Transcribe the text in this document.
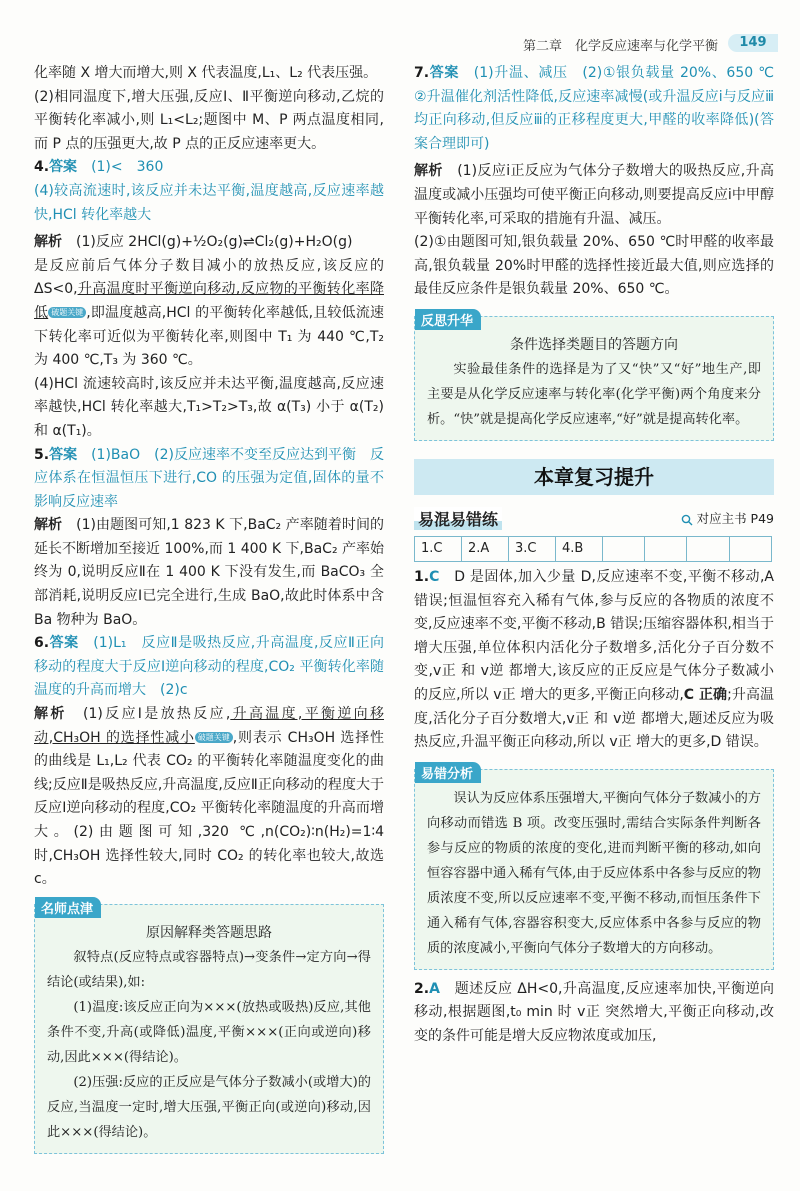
第二章　化学反应速率与化学平衡	149

化率随 X 增大而增大,则 X 代表温度,L₁、L₂ 代表压强。

(2)相同温度下,增大压强,反应Ⅰ、Ⅱ平衡逆向移动,乙烷的平衡转化率减小,则 L₁<L₂;题图中 M、P 两点温度相同,而 P 点的压强更大,故 P 点的正反应速率更大。

4.答案　 (1)<　360

(4)较高流速时,该反应并未达平衡,温度越高,反应速率越快,HCl 转化率越大

解析　 (1)反应 2HCl(g)+½O₂(g)⇌Cl₂(g)+H₂O(g)

是反应前后气体分子数目减小的放热反应,该反应的 ΔS<0,升高温度时平衡逆向移动,反应物的平衡转化率降低 破题关键 ,即温度越高,HCl 的平衡转化率越低,且较低流速下转化率可近似为平衡转化率,则图中 T₁ 为 440 ℃,T₂ 为 400 ℃,T₃ 为 360 ℃。

(4)HCl 流速较高时,该反应并未达平衡,温度越高,反应速率越快,HCl 转化率越大,T₁>T₂>T₃,故 α(T₃) 小于 α(T₂) 和 α(T₁)。

5.答案　 (1)BaO　(2)反应速率不变至反应达到平衡　反应体系在恒温恒压下进行,CO 的压强为定值,固体的量不影响反应速率

解析　 (1)由题图可知,1 823 K 下,BaC₂ 产率随着时间的延长不断增加至接近 100%,而 1 400 K 下,BaC₂ 产率始终为 0,说明反应Ⅱ在 1 400 K 下没有发生,而 BaCO₃ 全部消耗,说明反应Ⅰ已完全进行,生成 BaO,故此时体系中含 Ba 物种为 BaO。

6.答案　 (1)L₁　反应Ⅱ是吸热反应,升高温度,反应Ⅱ正向移动的程度大于反应Ⅰ逆向移动的程度,CO₂ 平衡转化率随温度的升高而增大　(2)c

解析　 (1)反应Ⅰ是放热反应,升高温度,平衡逆向移动,CH₃OH 的选择性减小 破题关键 ,则表示 CH₃OH 选择性的曲线是 L₁,L₂ 代表 CO₂ 的平衡转化率随温度变化的曲线;反应Ⅱ是吸热反应,升高温度,反应Ⅱ正向移动的程度大于反应Ⅰ逆向移动的程度,CO₂ 平衡转化率随温度的升高而增大。(2)由题图可知,320 ℃,n(CO₂)∶n(H₂)=1∶4 时,CH₃OH 选择性较大,同时 CO₂ 的转化率也较大,故选 c。

名师点津
原因解释类答题思路

叙特点(反应特点或容器特点)→变条件→定方向→得结论(或结果),如:

(1)温度:该反应正向为×××(放热或吸热)反应,其他条件不变,升高(或降低)温度,平衡×××(正向或逆向)移动,因此×××(得结论)。

(2)压强:反应的正反应是气体分子数减小(或增大)的反应,当温度一定时,增大压强,平衡正向(或逆向)移动,因此×××(得结论)。

7.答案　 (1)升温、减压　(2)①银负载量 20%、650 ℃　②升温催化剂活性降低,反应速率减慢(或升温反应ⅰ与反应ⅲ均正向移动,但反应ⅲ的正移程度更大,甲醛的收率降低)(答案合理即可)

解析　 (1)反应ⅰ正反应为气体分子数增大的吸热反应,升高温度或减小压强均可使平衡正向移动,则要提高反应ⅰ中甲醇平衡转化率,可采取的措施有升温、减压。

(2)①由题图可知,银负载量 20%、650 ℃时甲醛的收率最高,银负载量 20%时甲醛的选择性接近最大值,则应选择的最佳反应条件是银负载量 20%、650 ℃。

反思升华
条件选择类题目的答题方向

实验最佳条件的选择是为了又“快”又“好”地生产,即主要是从化学反应速率与转化率(化学平衡)两个角度来分析。“快”就是提高化学反应速率,“好”就是提高转化率。

本章复习提升
易混易错练	对应主书 P49
1.C	2.A	3.C	4.B				

1.C　 D 是固体,加入少量 D,反应速率不变,平衡不移动,A 错误;恒温恒容充入稀有气体,参与反应的各物质的浓度不变,反应速率不变,平衡不移动,B 错误;压缩容器体积,相当于增大压强,单位体积内活化分子数增多,活化分子百分数不变,v正 和 v逆 都增大,该反应的正反应是气体分子数减小的反应,所以 v正 增大的更多,平衡正向移动,C 正确;升高温度,活化分子百分数增大,v正 和 v逆 都增大,题述反应为吸热反应,升温平衡正向移动,所以 v正 增大的更多,D 错误。

易错分析

误认为反应体系压强增大,平衡向气体分子数减小的方向移动而错选 B 项。改变压强时,需结合实际条件判断各参与反应的物质的浓度的变化,进而判断平衡的移动,如向恒容容器中通入稀有气体,由于反应体系中各参与反应的物质浓度不变,所以反应速率不变,平衡不移动,而恒压条件下通入稀有气体,容器容积变大,反应体系中各参与反应的物质的浓度减小,平衡向气体分子数增大的方向移动。

2.A　 题述反应 ΔH<0,升高温度,反应速率加快,平衡逆向移动,根据题图,t₀ min 时 v正 突然增大,平衡正向移动,改变的条件可能是增大反应物浓度或加压,
